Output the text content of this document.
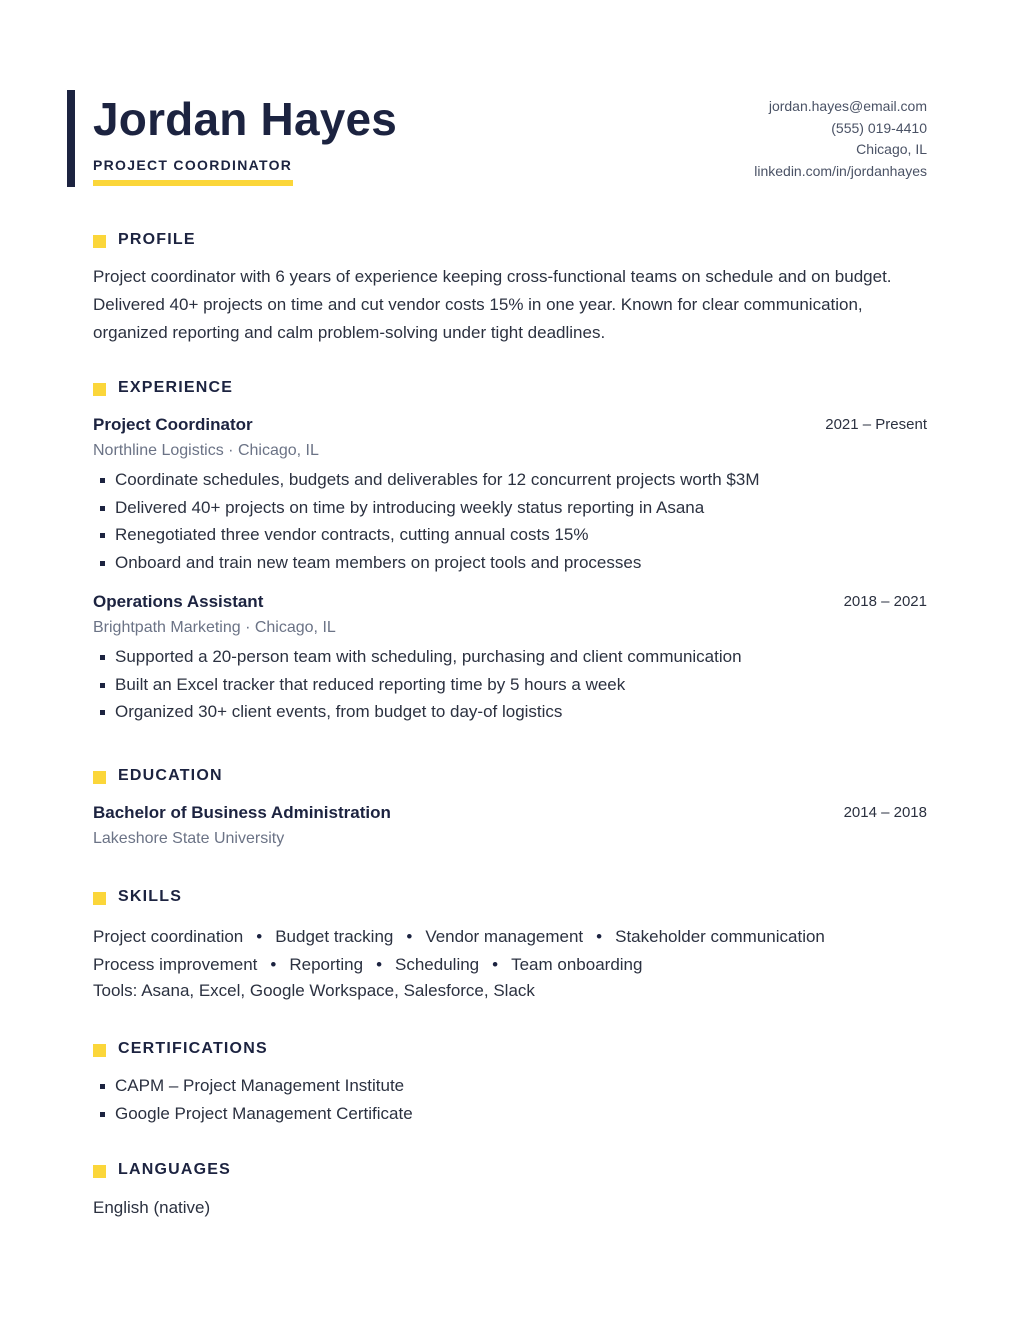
Jordan Hayes
PROJECT COORDINATOR
jordan.hayes@email.com
(555) 019-4410
Chicago, IL
linkedin.com/in/jordanhayes
PROFILE
Project coordinator with 6 years of experience keeping cross-functional teams on schedule and on budget. Delivered 40+ projects on time and cut vendor costs 15% in one year. Known for clear communication, organized reporting and calm problem-solving under tight deadlines.
EXPERIENCE
Project Coordinator	2021 – Present
Northline Logistics · Chicago, IL
Coordinate schedules, budgets and deliverables for 12 concurrent projects worth $3M
Delivered 40+ projects on time by introducing weekly status reporting in Asana
Renegotiated three vendor contracts, cutting annual costs 15%
Onboard and train new team members on project tools and processes
Operations Assistant	2018 – 2021
Brightpath Marketing · Chicago, IL
Supported a 20-person team with scheduling, purchasing and client communication
Built an Excel tracker that reduced reporting time by 5 hours a week
Organized 30+ client events, from budget to day-of logistics
EDUCATION
Bachelor of Business Administration	2014 – 2018
Lakeshore State University
SKILLS
Project coordination • Budget tracking • Vendor management • Stakeholder communication
Process improvement • Reporting • Scheduling • Team onboarding
Tools: Asana, Excel, Google Workspace, Salesforce, Slack
CERTIFICATIONS
CAPM – Project Management Institute
Google Project Management Certificate
LANGUAGES
English (native)
